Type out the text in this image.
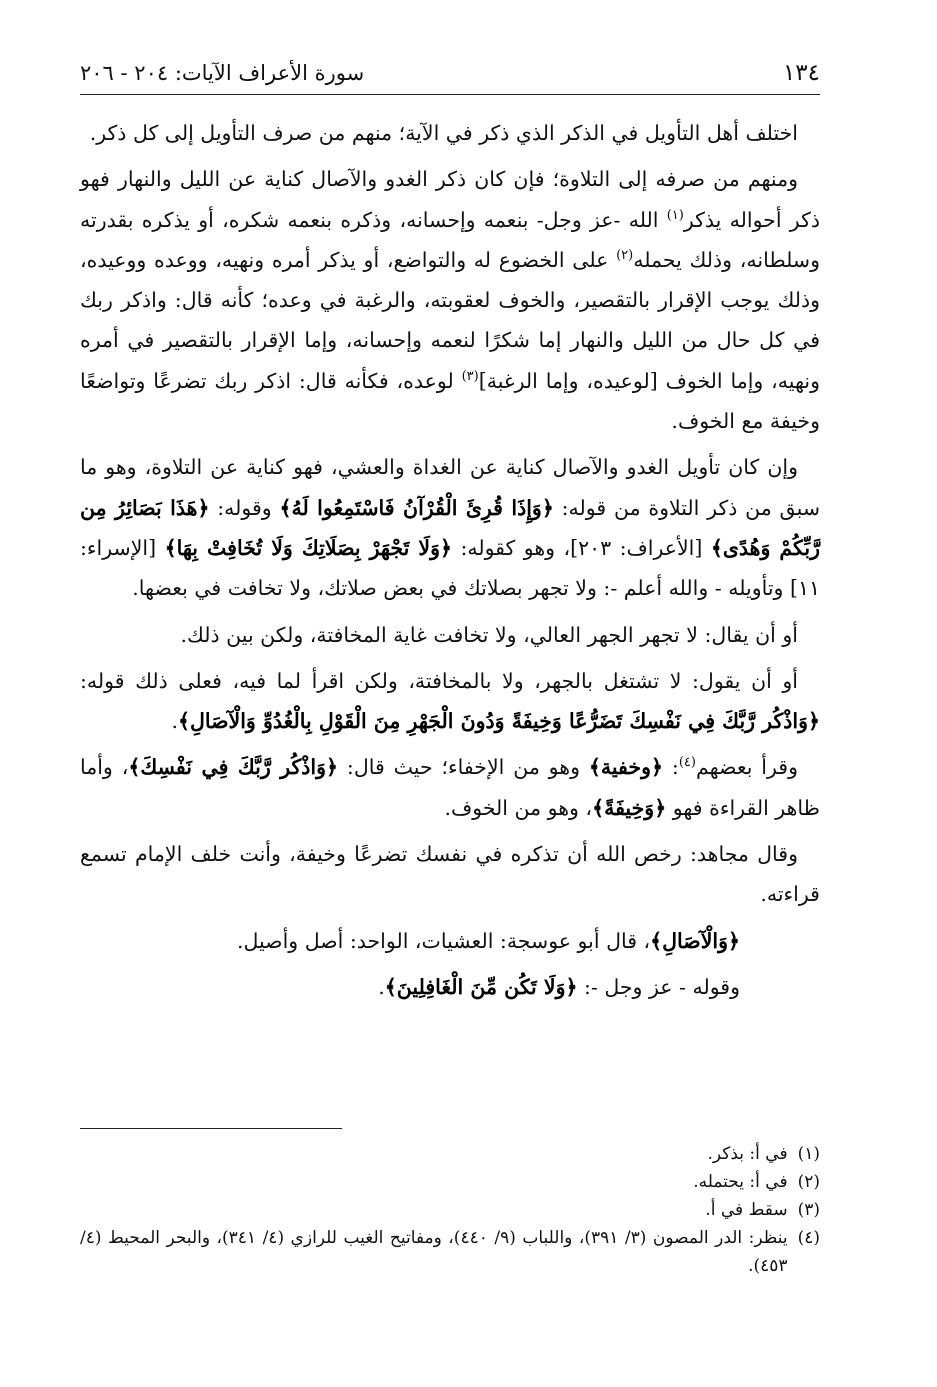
١٣٤
سورة الأعراف الآيات: ٢٠٤ - ٢٠٦

اختلف أهل التأويل في الذكر الذي ذكر في الآية؛ منهم من صرف التأويل إلى كل ذكر.

ومنهم من صرفه إلى التلاوة؛ فإن كان ذكر الغدو والآصال كناية عن الليل والنهار فهو ذكر أحواله يذكر$^{(١)}$ الله -عز وجل- بنعمه وإحسانه، وذكره بنعمه شكره، أو يذكره بقدرته وسلطانه، وذلك يحمله$^{(٢)}$ على الخضوع له والتواضع، أو يذكر أمره ونهيه، ووعده ووعيده، وذلك يوجب الإقرار بالتقصير، والخوف لعقوبته، والرغبة في وعده؛ كأنه قال: واذكر ربك في كل حال من الليل والنهار إما شكرًا لنعمه وإحسانه، وإما الإقرار بالتقصير في أمره ونهيه، وإما الخوف [لوعيده، وإما الرغبة]$^{(٣)}$ لوعده، فكأنه قال: اذكر ربك تضرعًا وتواضعًا وخيفة مع الخوف.

وإن كان تأويل الغدو والآصال كناية عن الغداة والعشي، فهو كناية عن التلاوة، وهو ما سبق من ذكر التلاوة من قوله: ﴿وَإِذَا قُرِئَ الْقُرْآنُ فَاسْتَمِعُوا لَهُ﴾ وقوله: ﴿هَذَا بَصَائِرُ مِن رَّبِّكُمْ وَهُدًى﴾ [الأعراف: ٢٠٣]، وهو كقوله: ﴿وَلَا تَجْهَرْ بِصَلَاتِكَ وَلَا تُخَافِتْ بِهَا﴾ [الإسراء: ١١] وتأويله - والله أعلم -: ولا تجهر بصلاتك في بعض صلاتك، ولا تخافت في بعضها.

أو أن يقال: لا تجهر الجهر العالي، ولا تخافت غاية المخافتة، ولكن بين ذلك.

أو أن يقول: لا تشتغل بالجهر، ولا بالمخافتة، ولكن اقرأ لما فيه، فعلى ذلك قوله: ﴿وَاذْكُر رَّبَّكَ فِي نَفْسِكَ تَضَرُّعًا وَخِيفَةً وَدُونَ الْجَهْرِ مِنَ الْقَوْلِ بِالْغُدُوِّ وَالْآصَالِ﴾.

وقرأ بعضهم$^{(٤)}$: ﴿وخفية﴾ وهو من الإخفاء؛ حيث قال: ﴿وَاذْكُر رَّبَّكَ فِي نَفْسِكَ﴾، وأما ظاهر القراءة فهو ﴿وَخِيفَةً﴾، وهو من الخوف.

وقال مجاهد: رخص الله أن تذكره في نفسك تضرعًا وخيفة، وأنت خلف الإمام تسمع قراءته.

﴿وَالْآصَالِ﴾، قال أبو عوسجة: العشيات، الواحد: أصل وأصيل.

وقوله - عز وجل -: ﴿وَلَا تَكُن مِّنَ الْغَافِلِينَ﴾.

(١)
في أ: بذكر.
(٢)
في أ: يحتمله.
(٣)
سقط في أ.
(٤)
ينظر: الدر المصون (٣/ ٣٩١)، واللباب (٩/ ٤٤٠)، ومفاتيح الغيب للرازي (٤/ ٣٤١)، والبحر المحيط (٤/ ٤٥٣).
